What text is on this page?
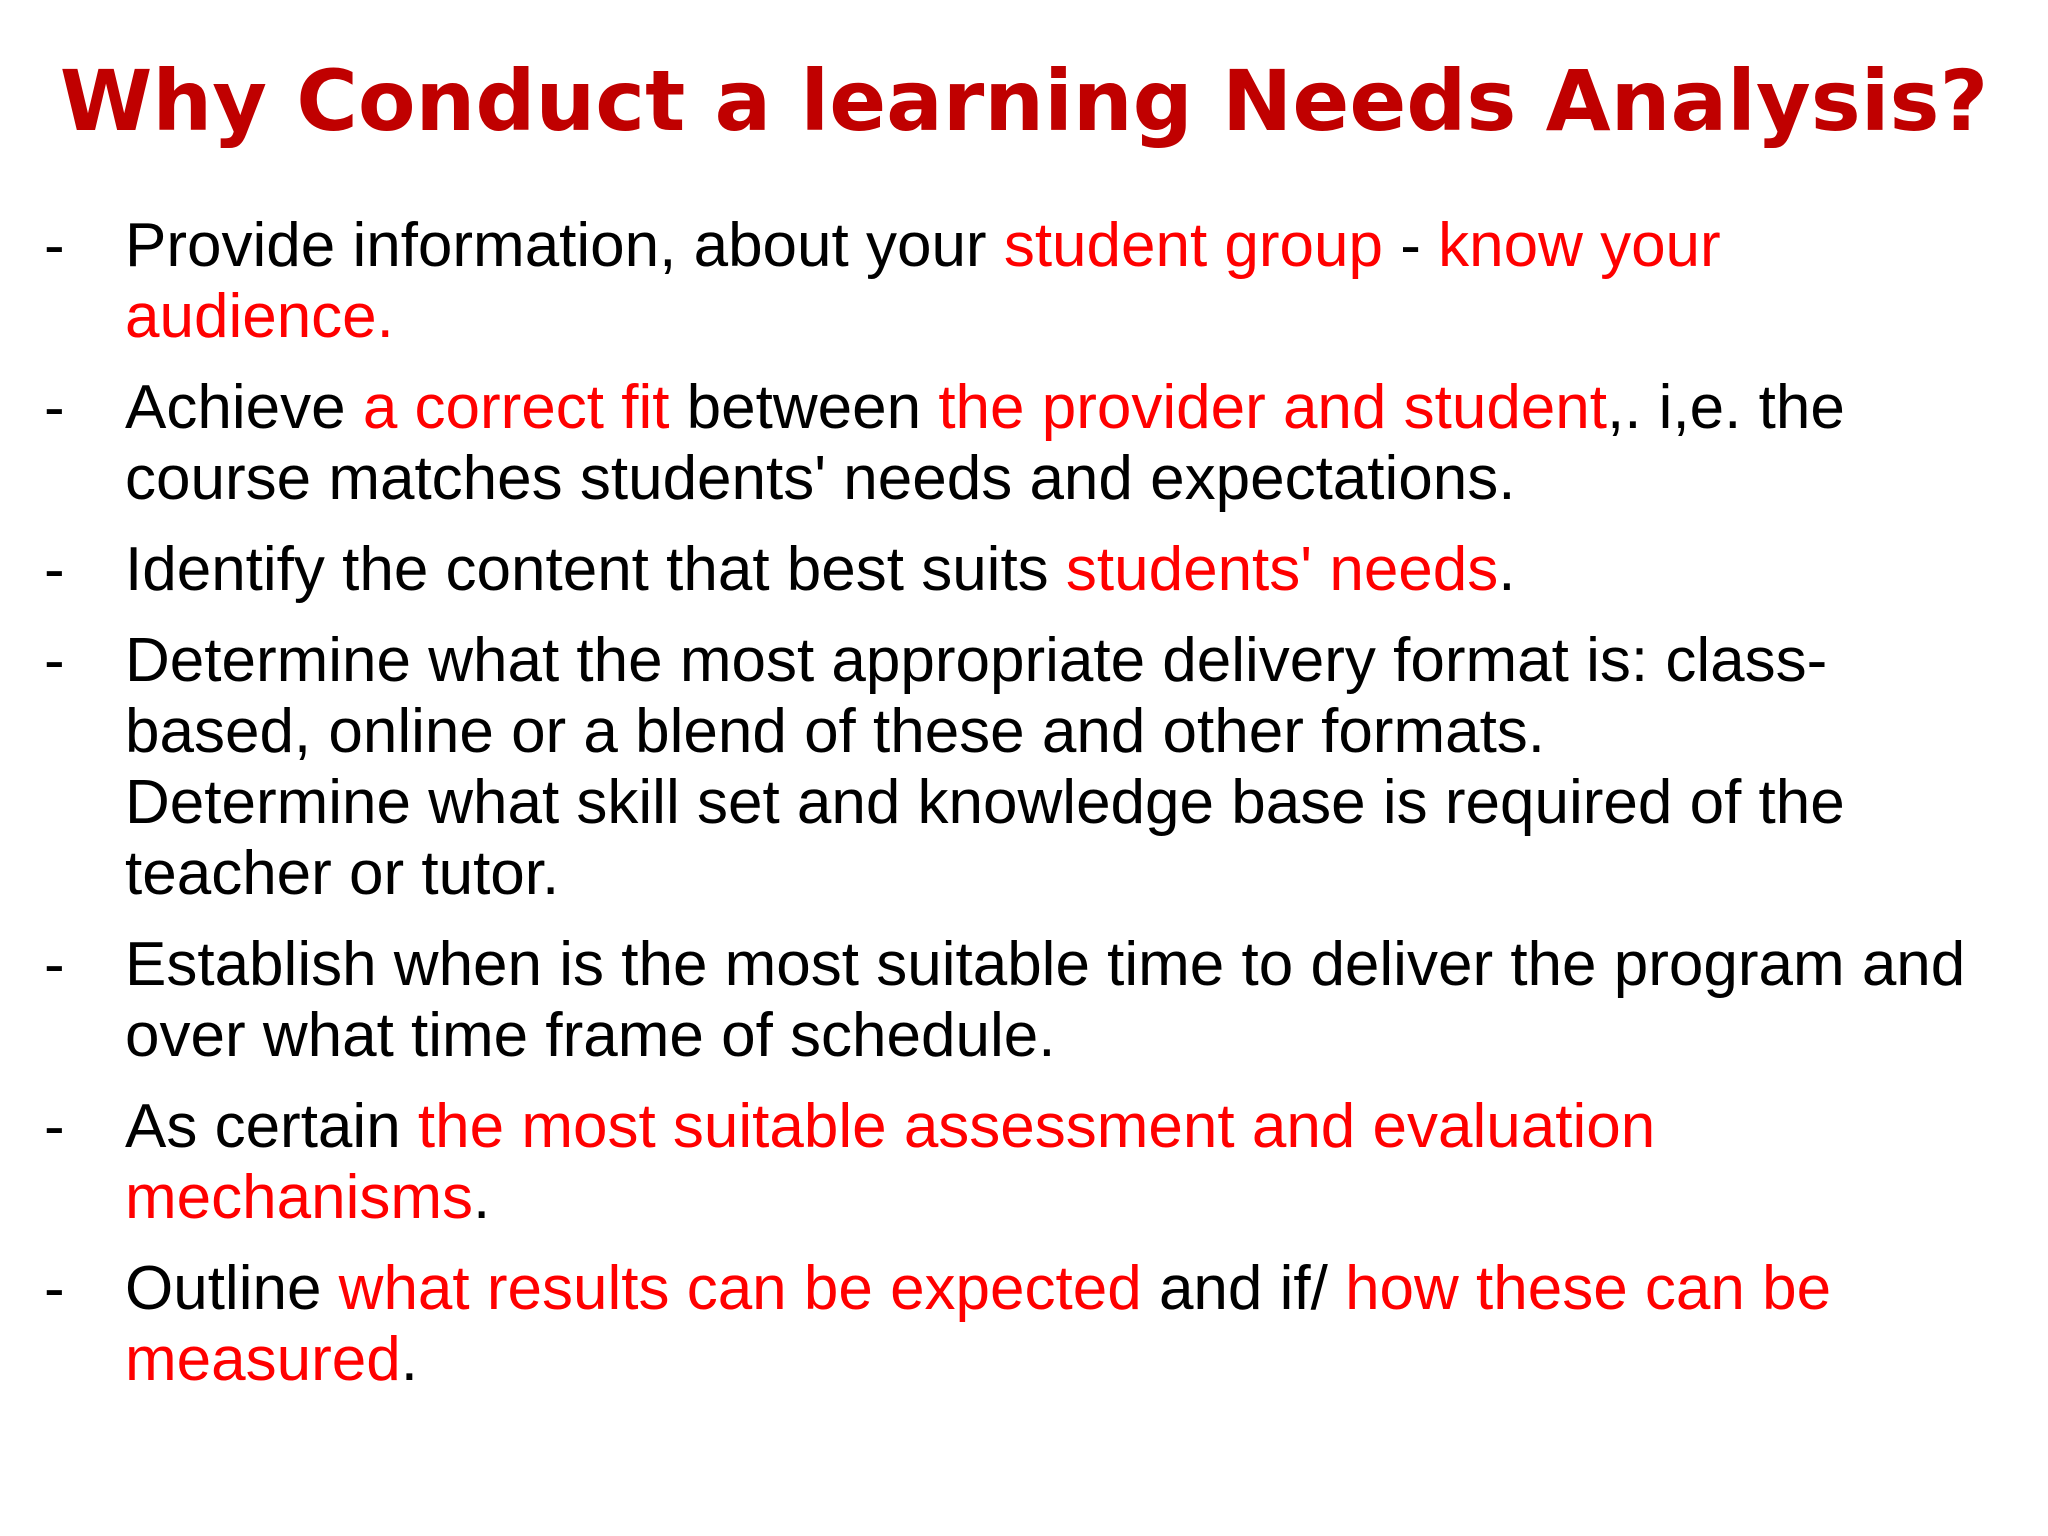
Why Conduct a learning Needs Analysis?
- Provide information, about your student group - know your audience.
- Achieve a correct fit between the provider and student,. i,e. the course matches students' needs and expectations.
- Identify the content that best suits students' needs.
- Determine what the most appropriate delivery format is: class- based, online or a blend of these and other formats.
Determine what skill set and knowledge base is required of the teacher or tutor.
- Establish when is the most suitable time to deliver the program and over what time frame of schedule.
- As certain the most suitable assessment and evaluation mechanisms.
- Outline what results can be expected and if/ how these can be measured.
